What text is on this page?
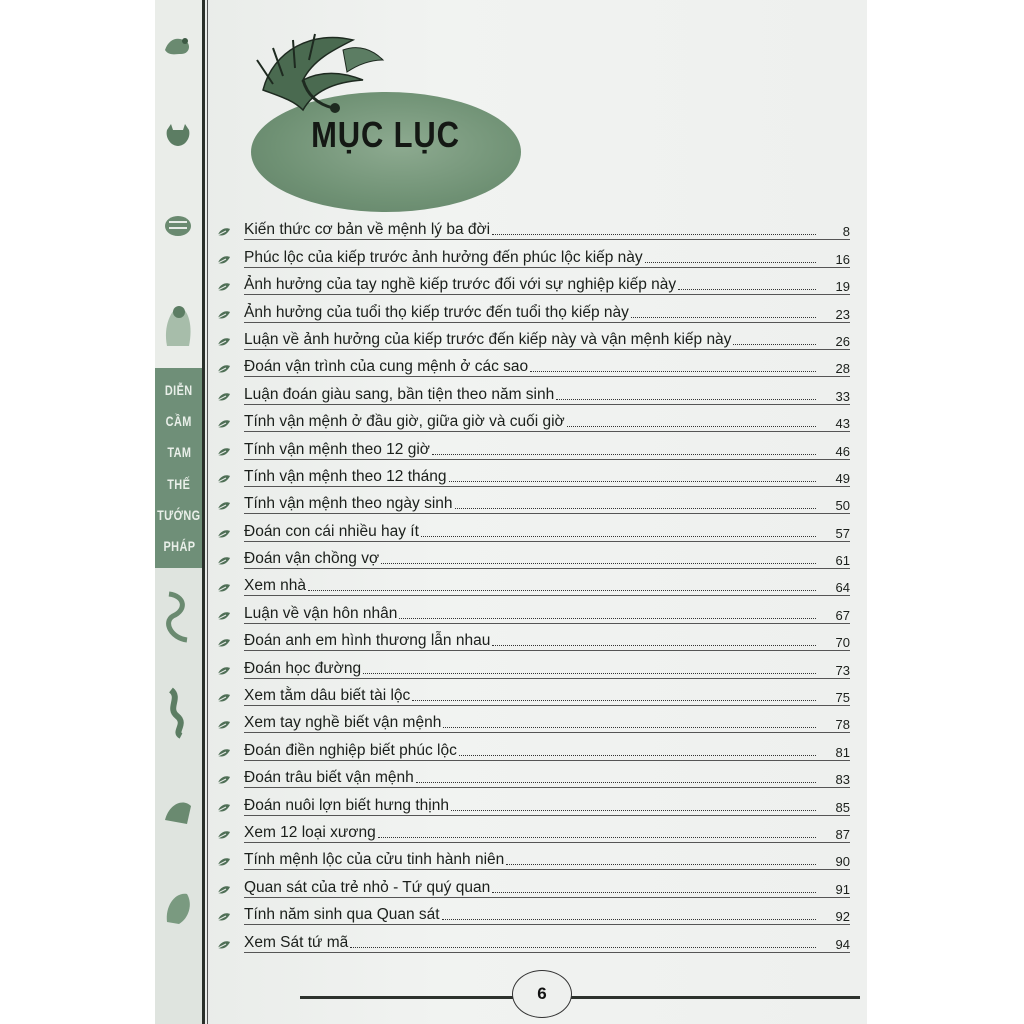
DIỄN
CẦM
TAM
THẾ
TƯỚNG
PHÁP
MỤC LỤC
Kiến thức cơ bản về mệnh lý ba đời	8
Phúc lộc của kiếp trước ảnh hưởng đến phúc lộc kiếp này	16
Ảnh hưởng của tay nghề kiếp trước đối với sự nghiệp kiếp này	19
Ảnh hưởng của tuổi thọ kiếp trước đến tuổi thọ kiếp này	23
Luận về ảnh hưởng của kiếp trước đến kiếp này và vận mệnh kiếp này	26
Đoán vận trình của cung mệnh ở các sao	28
Luận đoán giàu sang, bần tiện theo năm sinh	33
Tính vận mệnh ở đầu giờ, giữa giờ và cuối giờ	43
Tính vận mệnh theo 12 giờ	46
Tính vận mệnh theo 12 tháng	49
Tính vận mệnh theo ngày sinh	50
Đoán con cái nhiều hay ít	57
Đoán vận chồng vợ	61
Xem nhà	64
Luận về vận hôn nhân	67
Đoán anh em hình thương lẫn nhau	70
Đoán học đường	73
Xem tằm dâu biết tài lộc	75
Xem tay nghề biết vận mệnh	78
Đoán điền nghiệp biết phúc lộc	81
Đoán trâu biết vận mệnh	83
Đoán nuôi lợn biết hưng thịnh	85
Xem 12 loại xương	87
Tính mệnh lộc của cửu tinh hành niên	90
Quan sát của trẻ nhỏ - Tứ quý quan	91
Tính năm sinh qua Quan sát	92
Xem Sát tứ mã	94
6
